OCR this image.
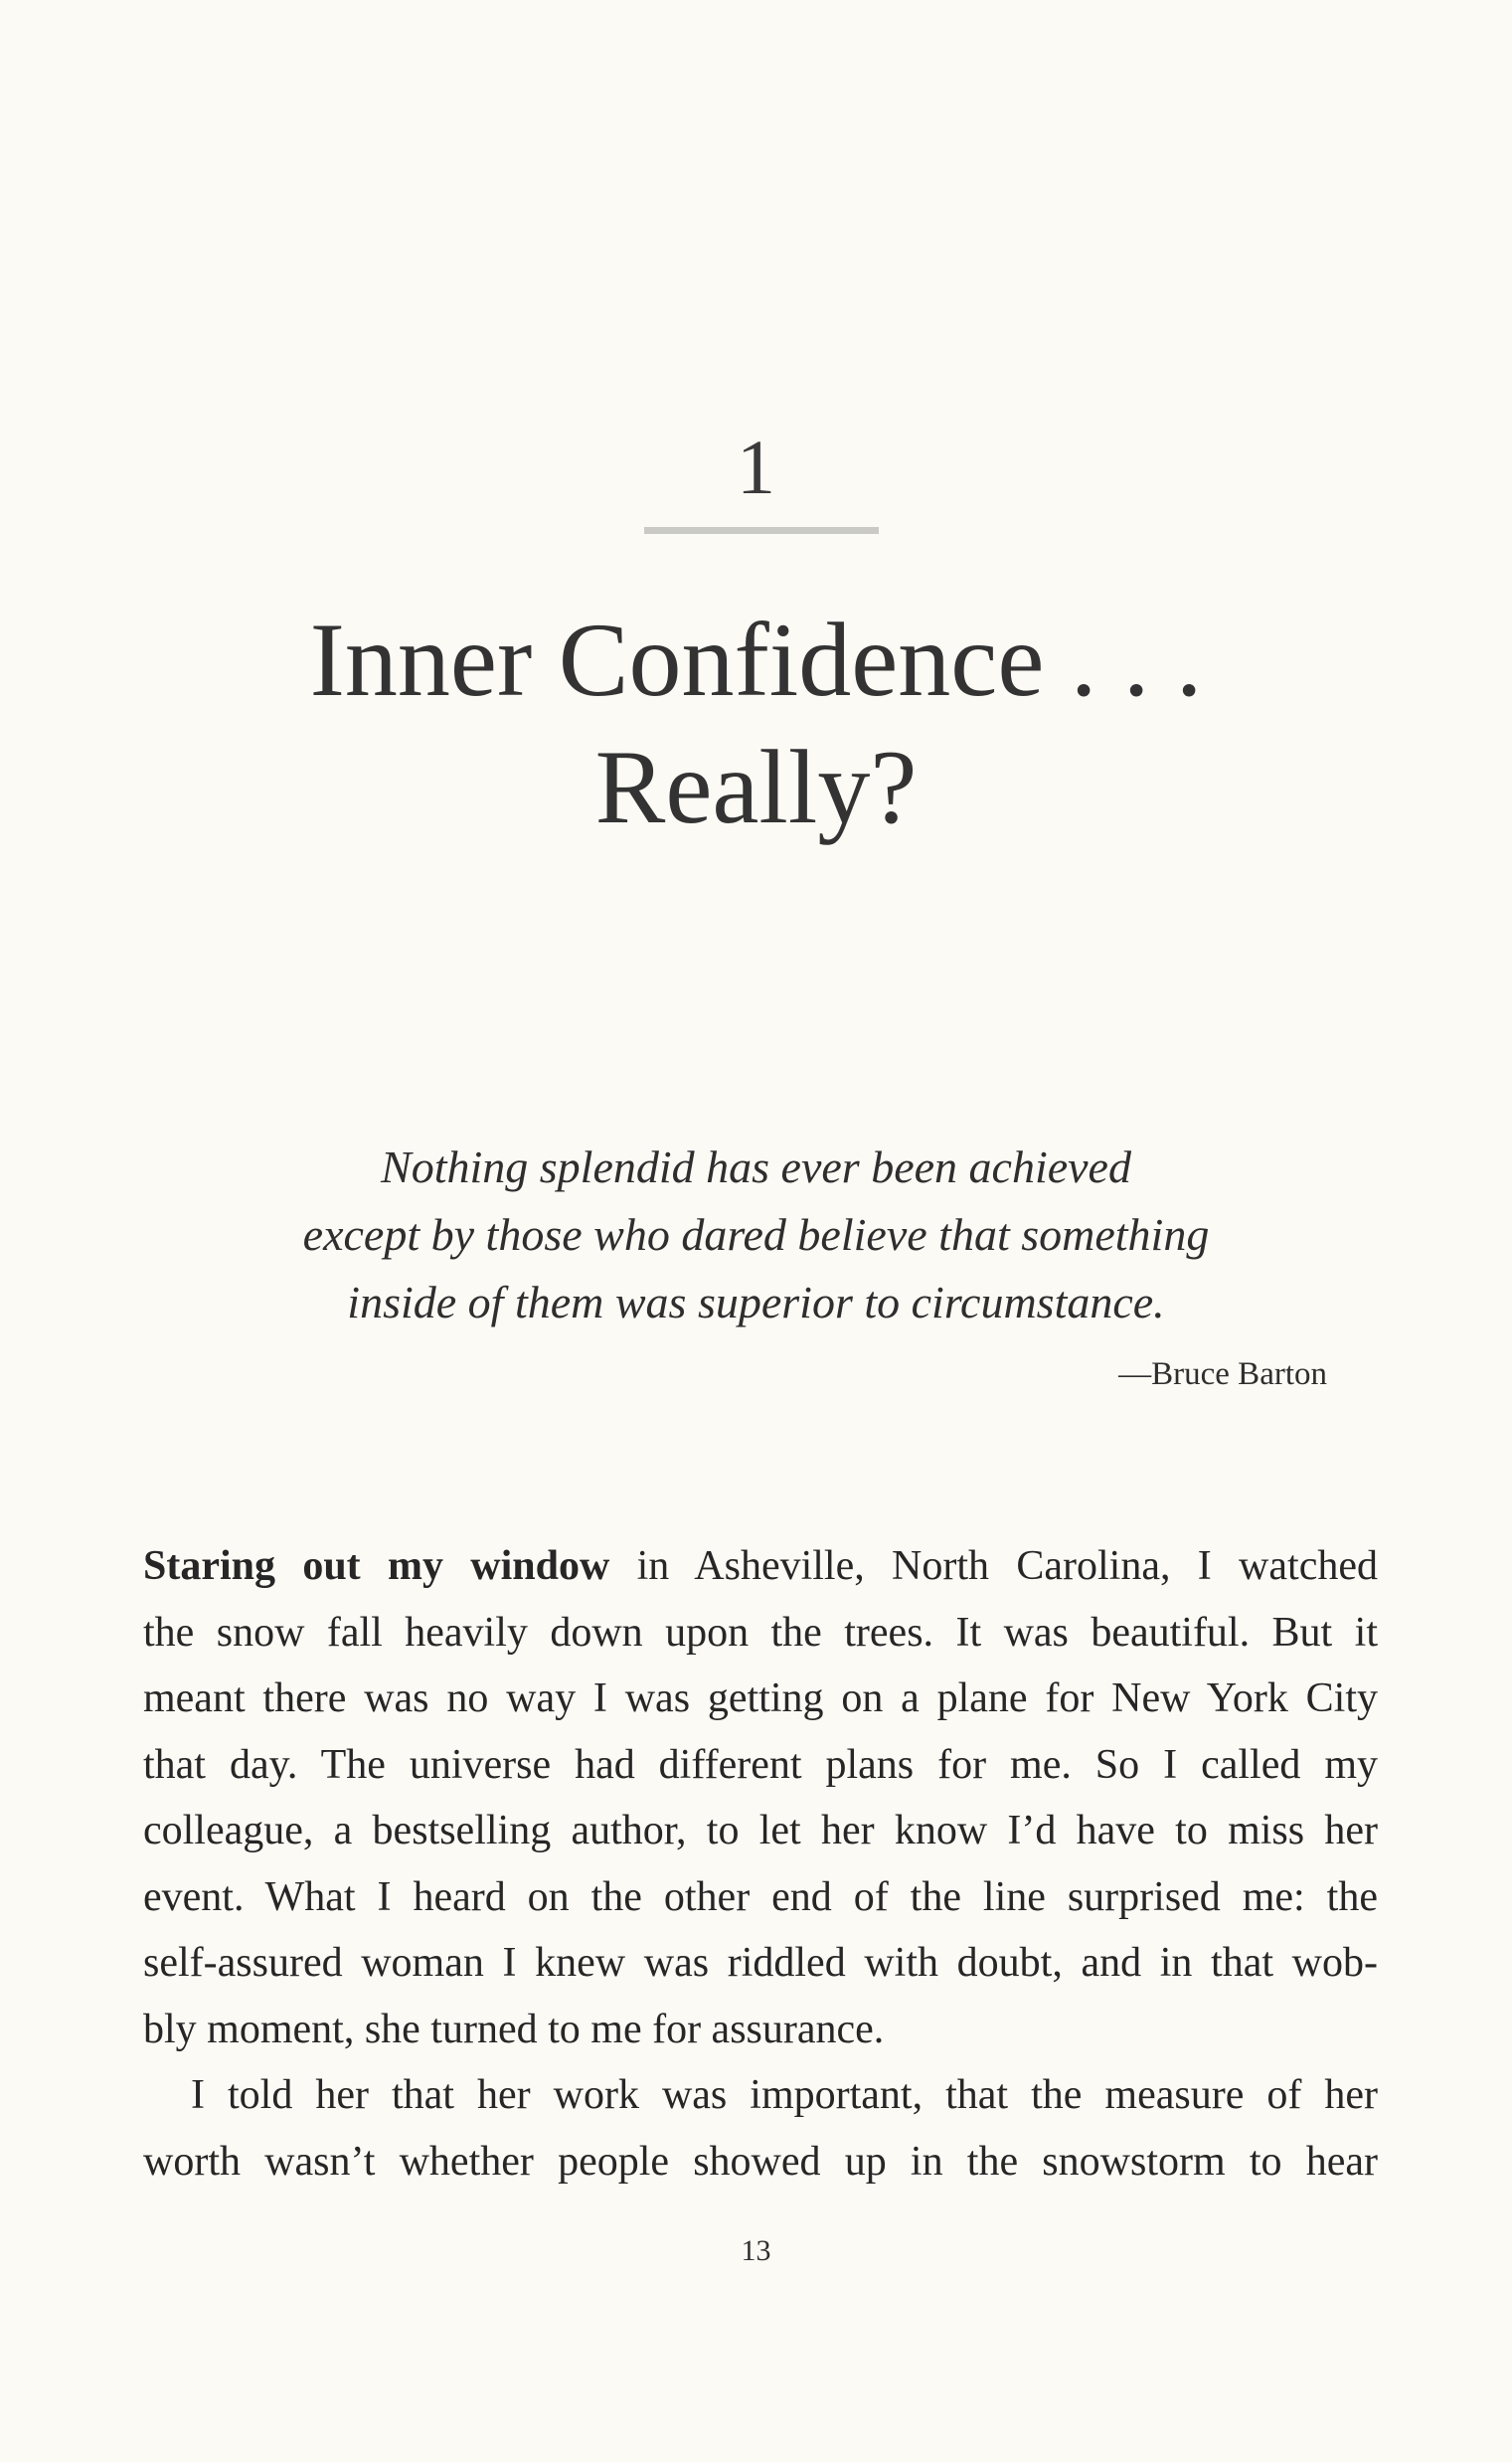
1
Inner Confidence . . .
Really?
Nothing splendid has ever been achieved
except by those who dared believe that something
inside of them was superior to circumstance.
—Bruce Barton
Staring out my window in Asheville, North Carolina, I watched
the snow fall heavily down upon the trees. It was beautiful. But it
meant there was no way I was getting on a plane for New York City
that day. The universe had different plans for me. So I called my
colleague, a bestselling author, to let her know I’d have to miss her
event. What I heard on the other end of the line surprised me: the
self-assured woman I knew was riddled with doubt, and in that wob-
bly moment, she turned to me for assurance.
I told her that her work was important, that the measure of her
worth wasn’t whether people showed up in the snowstorm to hear
13
